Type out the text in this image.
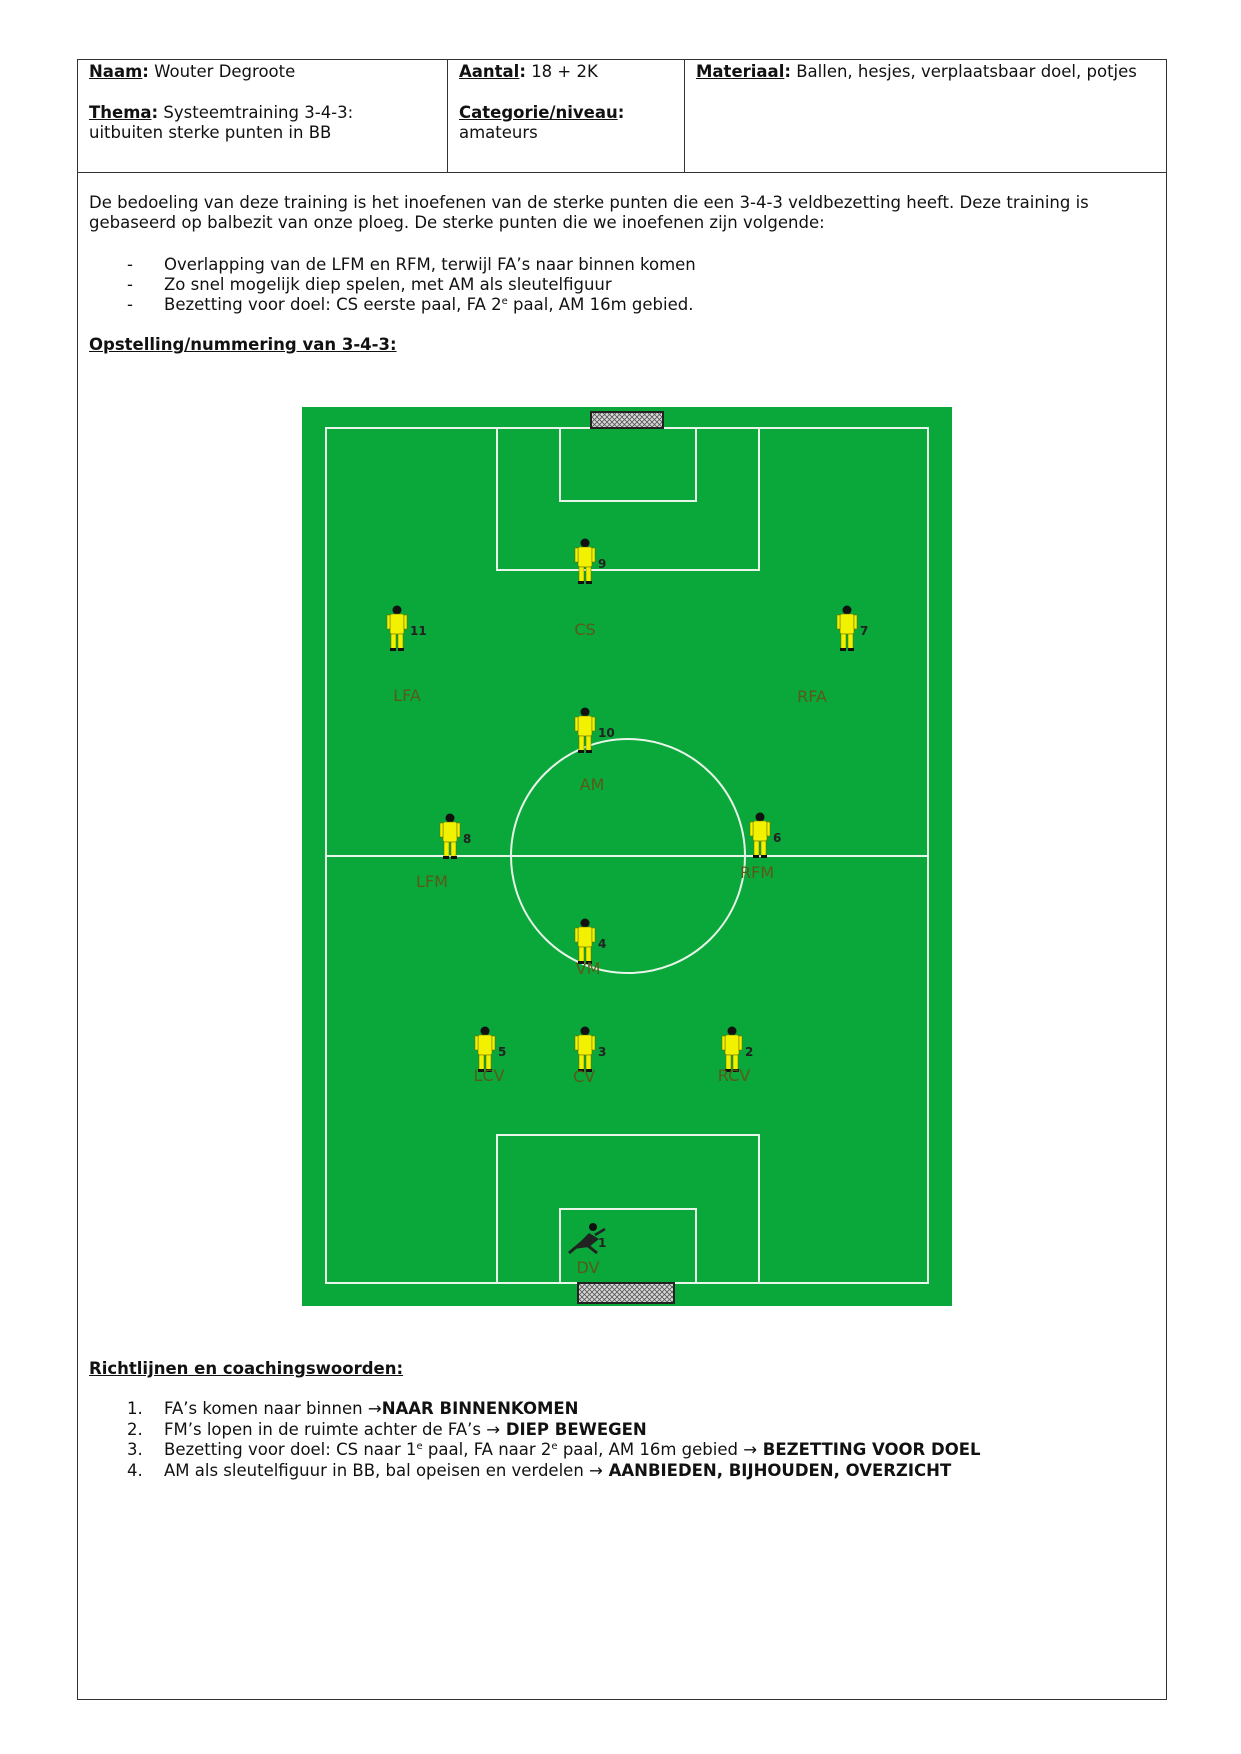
Naam: Wouter Degroote
Thema: Systeemtraining 3-4-3:
uitbuiten sterke punten in BB
Aantal: 18 + 2K
Categorie/niveau:
amateurs
Materiaal: Ballen, hesjes, verplaatsbaar doel, potjes
De bedoeling van deze training is het inoefenen van de sterke punten die een 3-4-3 veldbezetting heeft. Deze training is
gebaseerd op balbezit van onze ploeg. De sterke punten die we inoefenen zijn volgende:
- Overlapping van de LFM en RFM, terwijl FA’s naar binnen komen
- Zo snel mogelijk diep spelen, met AM als sleutelfiguur
- Bezetting voor doel: CS eerste paal, FA 2e paal, AM 16m gebied.
Opstelling/nummering van 3-4-3:
9
CS
11
LFA
7
RFA
10
AM
8
LFM
6
RFM
4
VM
5
LCV
3
CV
2
RCV
1
DV
Richtlijnen en coachingswoorden:
1. FA’s komen naar binnen →NAAR BINNENKOMEN
2. FM’s lopen in de ruimte achter de FA’s → DIEP BEWEGEN
3. Bezetting voor doel: CS naar 1e paal, FA naar 2e paal, AM 16m gebied → BEZETTING VOOR DOEL
4. AM als sleutelfiguur in BB, bal opeisen en verdelen → AANBIEDEN, BIJHOUDEN, OVERZICHT
